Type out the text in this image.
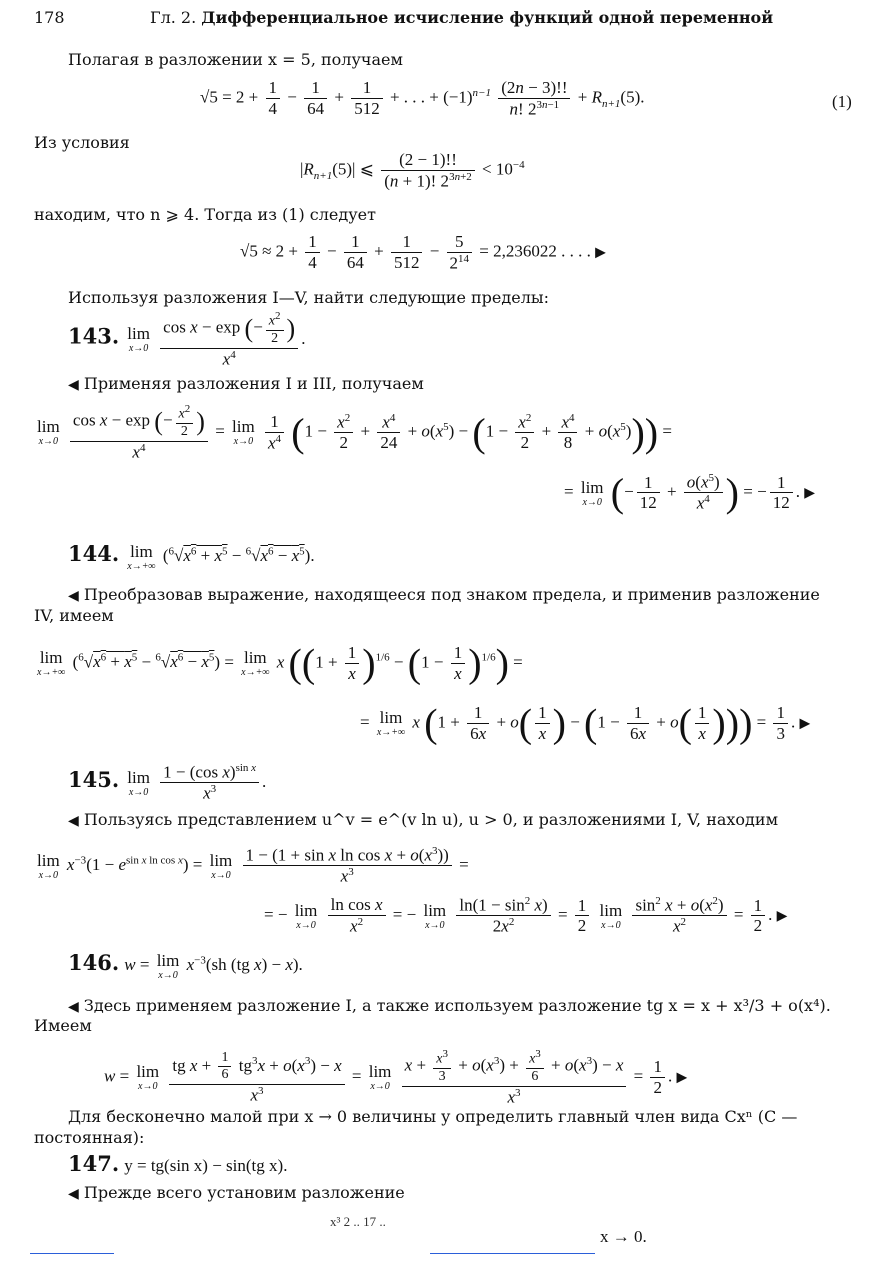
178	Гл. 2. Дифференциальное исчисление функций одной переменной
Полагая в разложении x = 5, получаем
$√5 = 2 + \frac{1}{4} - \frac{1}{64} + \frac{1}{512}$ + . . . + $(-1)^{n-1} \frac{(2n - 3)!!}{n! 2^{3n-1}} + R_{n+1}(5)$.	(1)
Из условия
$|R_{n+1}(5)|$ ⩽ $\frac{(2 - 1)!!}{(n + 1)! 2^{3n+2}} < 10^{-4}$
находим, что n ⩾ 4. Тогда из (1) следует
$√5 \approx 2 + \frac{1}{4} - \frac{1}{64} + \frac{1}{512} - \frac{5}{2^{14}} = 2,236022$ . . . . ▶
Используя разложения I—V, найти следующие пределы:
143. lim
x→0
$\frac{\cos x - \exp (- \frac{x^2}{2} )}{x^4}$ .
◀ Применяя разложения I и III, получаем
lim
x→0
$\frac{\cos x - \exp (- \frac{x^2}{2} )}{x^4} = \lim$
x→0
$\frac{1}{x^4} (1 - \frac{x^2}{2} + \frac{x^4}{24} + o(x^5) - (1 - \frac{x^2}{2} + \frac{x^4}{8} + o(x^5)))$ =
= lim
x→0 (− $\frac{1}{12} + \frac{o(x^5)}{x^4}$ ) = − $\frac{1}{12}$ . ▶
144. lim
x→+∞
$(^6√x^6 + x^5 - ^6√x^6 - x^5)$.
◀ Преобразовав выражение, находящееся под знаком предела, и применив разложение
IV, имеем
lim
x→+∞
$(^6√x^6 + x^5 - ^6√x^6 - x^5) = \lim$
x→+∞
x $((1 + \frac{1}{x} )^{1/6} - (1 - \frac{1}{x} )^{1/6})$ =
= lim
x→+∞
x ($1 + \frac{1}{6x} + o( \frac{1}{x}$ ) − ($1 - \frac{1}{6x} + o( \frac{1}{x}$ ))) = $\frac{1}{3}$ . ▶
145. lim
x→0
$\frac{1 - (\cos x)^{sin x}}{x^3}$ .
◀ Пользуясь представлением u^v = e^(v ln u), u > 0, и разложениями I, V, находим
lim
x→0
$x^{-3}(1 - e^{sin x ln cos x}) = \lim$
x→0
$\frac{1 - (1 + \sin x \ln \cos x + o(x^3))}{x^3}$ =
= − lim
x→0
$\frac{\text{ln cos x}}{x^2}$ = − lim
x→0
$\frac{\ln(1 - \sin^2 x)}{2x^2} = \frac{1}{2}$ lim
x→0
$\frac{\sin^2 x + o(x^2)}{x^2} = \frac{1}{2}$ . ▶
146. w = lim
x→0
$x^{-3}(sh$ (tg x) − x).
◀ Здесь применяем разложение I, а также используем разложение tg x = x + x³/3 + o(x⁴).
Имеем
w = lim
x→0
$\frac{tg x + \frac{1}{6} tg^3x + o(x^3) - x}{x^3} = \lim$
x→0
$\frac{x + \frac{x^3}{3} + o(x^3) + \frac{x^3}{6} + o(x^3) - x}{x^3} = \frac{1}{2}$ . ▶
Для бесконечно малой при x → 0 величины y определить главный член вида Cxⁿ (C —
постоянная):
147. y = tg(sin x) − sin(tg x).
◀ Прежде всего установим разложение
x³ 2 .. 17 ..
x → 0.
